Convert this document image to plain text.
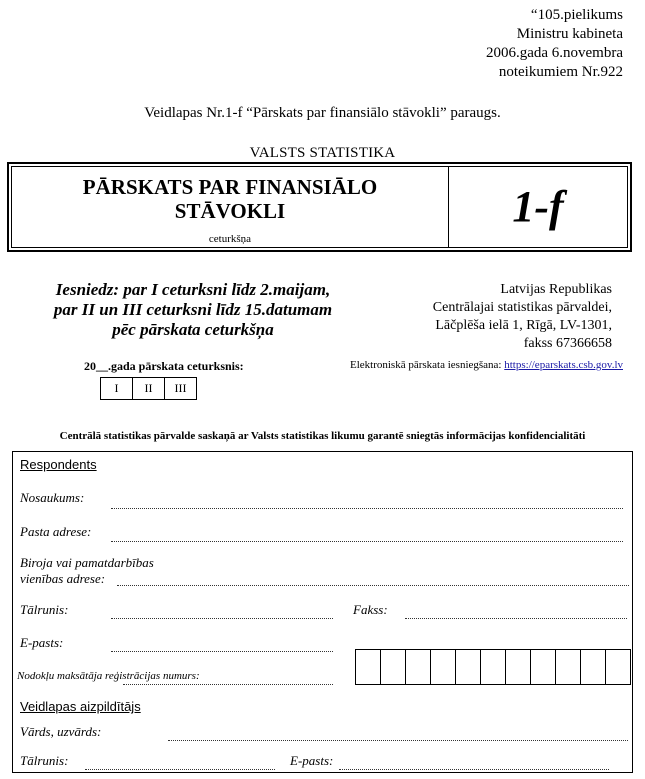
“105.pielikums
Ministru kabineta
2006.gada 6.novembra
noteikumiem Nr.922
Veidlapas Nr.1-f “Pārskats par finansiālo stāvokli” paraugs.
VALSTS STATISTIKA
PĀRSKATS PAR FINANSIĀLO
STĀVOKLI
ceturkšņa
1-f
Iesniedz: par I ceturksni līdz 2.maijam,
par II un III ceturksni līdz 15.datumam
pēc pārskata ceturkšņa
Latvijas Republikas
Centrālajai statistikas pārvaldei,
Lāčplēša ielā 1, Rīgā, LV-1301,
fakss 67366658
20__.gada pārskata ceturksnis:
I	II	III
Elektroniskā pārskata iesniegšana: https://eparskats.csb.gov.lv
Centrālā statistikas pārvalde saskaņā ar Valsts statistikas likumu garantē sniegtās informācijas konfidencialitāti
Respondents
Nosaukums:
Pasta adrese:
Biroja vai pamatdarbības
vienības adrese:
Tālrunis:	Fakss:
E-pasts:
Nodokļu maksātāja reģistrācijas numurs:
Veidlapas aizpildītājs
Vārds, uzvārds:
Tālrunis:	E-pasts:
